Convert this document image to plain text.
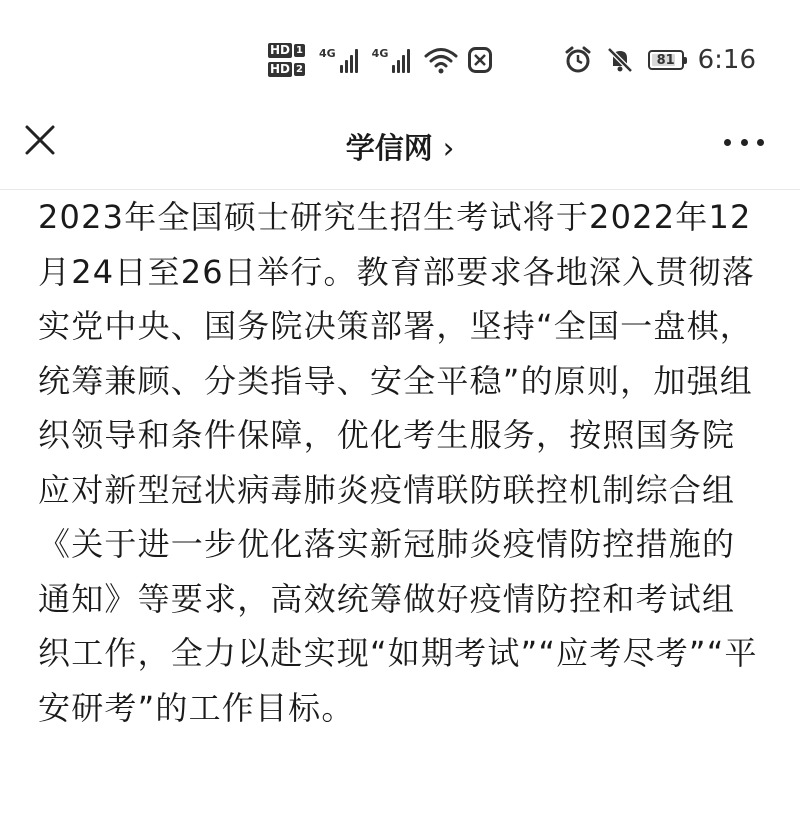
HD 1
HD 2
4G	4G	81 6:16
学信网 ›
2023年全国硕士研究生招生考试将于2022年12
月24日至26日举行。教育部要求各地深入贯彻落
实党中央、国务院决策部署，坚持“全国一盘棋，
统筹兼顾、分类指导、安全平稳”的原则，加强组
织领导和条件保障，优化考生服务，按照国务院
应对新型冠状病毒肺炎疫情联防联控机制综合组
《关于进一步优化落实新冠肺炎疫情防控措施的
通知》等要求，高效统筹做好疫情防控和考试组
织工作，全力以赴实现“如期考试”“应考尽考”“平
安研考”的工作目标。
